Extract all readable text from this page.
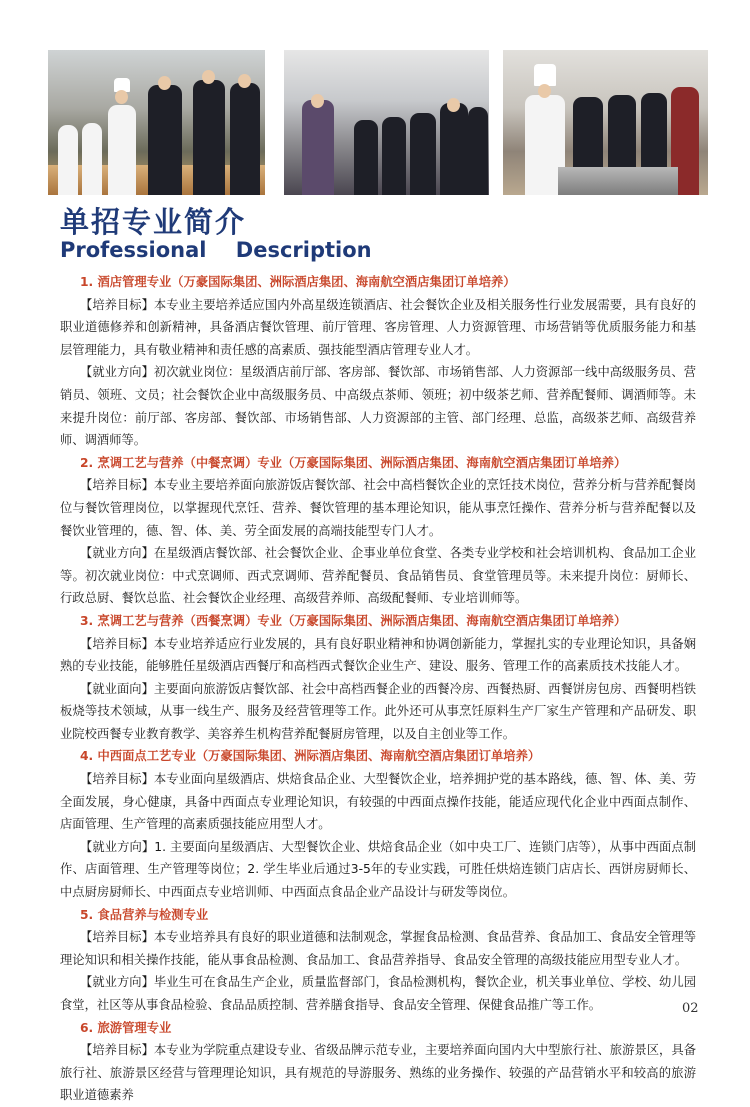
单招专业简介
Professional Description
1. 酒店管理专业（万豪国际集团、洲际酒店集团、海南航空酒店集团订单培养）

【培养目标】本专业主要培养适应国内外高星级连锁酒店、社会餐饮企业及相关服务性行业发展需要，具有良好的职业道德修养和创新精神，具备酒店餐饮管理、前厅管理、客房管理、人力资源管理、市场营销等优质服务能力和基层管理能力，具有敬业精神和责任感的高素质、强技能型酒店管理专业人才。

【就业方向】初次就业岗位：星级酒店前厅部、客房部、餐饮部、市场销售部、人力资源部一线中高级服务员、营销员、领班、文员；社会餐饮企业中高级服务员、中高级点茶师、领班；初中级茶艺师、营养配餐师、调酒师等。未来提升岗位：前厅部、客房部、餐饮部、市场销售部、人力资源部的主管、部门经理、总监，高级茶艺师、高级营养师、调酒师等。

2. 烹调工艺与营养（中餐烹调）专业（万豪国际集团、洲际酒店集团、海南航空酒店集团订单培养）

【培养目标】本专业主要培养面向旅游饭店餐饮部、社会中高档餐饮企业的烹饪技术岗位，营养分析与营养配餐岗位与餐饮管理岗位，以掌握现代烹饪、营养、餐饮管理的基本理论知识，能从事烹饪操作、营养分析与营养配餐以及餐饮业管理的，德、智、体、美、劳全面发展的高端技能型专门人才。

【就业方向】在星级酒店餐饮部、社会餐饮企业、企事业单位食堂、各类专业学校和社会培训机构、食品加工企业等。初次就业岗位：中式烹调师、西式烹调师、营养配餐员、食品销售员、食堂管理员等。未来提升岗位：厨师长、行政总厨、餐饮总监、社会餐饮企业经理、高级营养师、高级配餐师、专业培训师等。

3. 烹调工艺与营养（西餐烹调）专业（万豪国际集团、洲际酒店集团、海南航空酒店集团订单培养）

【培养目标】本专业培养适应行业发展的，具有良好职业精神和协调创新能力，掌握扎实的专业理论知识，具备娴熟的专业技能，能够胜任星级酒店西餐厅和高档西式餐饮企业生产、建设、服务、管理工作的高素质技术技能人才。

【就业面向】主要面向旅游饭店餐饮部、社会中高档西餐企业的西餐冷房、西餐热厨、西餐饼房包房、西餐明档铁板烧等技术领域，从事一线生产、服务及经营管理等工作。此外还可从事烹饪原料生产厂家生产管理和产品研发、职业院校西餐专业教育教学、美容养生机构营养配餐厨房管理，以及自主创业等工作。

4. 中西面点工艺专业（万豪国际集团、洲际酒店集团、海南航空酒店集团订单培养）

【培养目标】本专业面向星级酒店、烘焙食品企业、大型餐饮企业，培养拥护党的基本路线，德、智、体、美、劳全面发展，身心健康，具备中西面点专业理论知识，有较强的中西面点操作技能，能适应现代化企业中西面点制作、店面管理、生产管理的高素质强技能应用型人才。

【就业方向】1. 主要面向星级酒店、大型餐饮企业、烘焙食品企业（如中央工厂、连锁门店等），从事中西面点制作、店面管理、生产管理等岗位；2. 学生毕业后通过3-5年的专业实践，可胜任烘焙连锁门店店长、西饼房厨师长、中点厨房厨师长、中西面点专业培训师、中西面点食品企业产品设计与研发等岗位。

5. 食品营养与检测专业

【培养目标】本专业培养具有良好的职业道德和法制观念，掌握食品检测、食品营养、食品加工、食品安全管理等理论知识和相关操作技能，能从事食品检测、食品加工、食品营养指导、食品安全管理的高级技能应用型专业人才。

【就业方向】毕业生可在食品生产企业，质量监督部门，食品检测机构，餐饮企业，机关事业单位、学校、幼儿园食堂，社区等从事食品检验、食品品质控制、营养膳食指导、食品安全管理、保健食品推广等工作。

6. 旅游管理专业

【培养目标】本专业为学院重点建设专业、省级品牌示范专业，主要培养面向国内大中型旅行社、旅游景区，具备旅行社、旅游景区经营与管理理论知识，具有规范的导游服务、熟练的业务操作、较强的产品营销水平和较高的旅游职业道德素养

02
